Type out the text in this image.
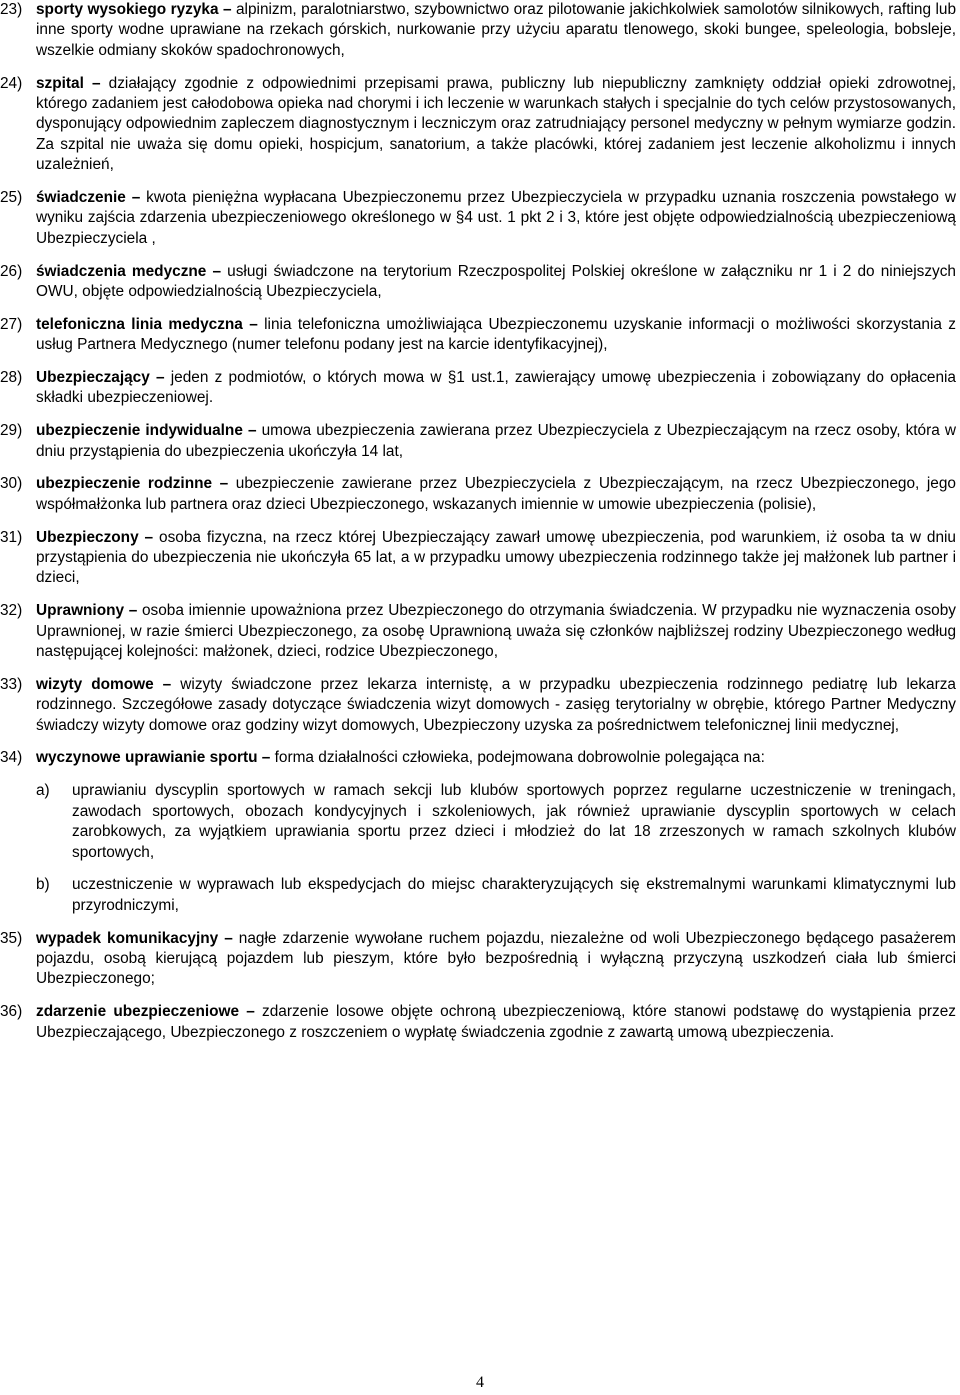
23) sporty wysokiego ryzyka – alpinizm, paralotniarstwo, szybownictwo oraz pilotowanie jakichkolwiek samolotów silnikowych, rafting lub inne sporty wodne uprawiane na rzekach górskich, nurkowanie przy użyciu aparatu tlenowego, skoki bungee, speleologia, bobsleje, wszelkie odmiany skoków spadochronowych,
24) szpital – działający zgodnie z odpowiednimi przepisami prawa, publiczny lub niepubliczny zamknięty oddział opieki zdrowotnej, którego zadaniem jest całodobowa opieka nad chorymi i ich leczenie w warunkach stałych i specjalnie do tych celów przystosowanych, dysponujący odpowiednim zapleczem diagnostycznym i leczniczym oraz zatrudniający personel medyczny w pełnym wymiarze godzin. Za szpital nie uważa się domu opieki, hospicjum, sanatorium, a także placówki, której zadaniem jest leczenie alkoholizmu i innych uzależnień,
25) świadczenie – kwota pieniężna wypłacana Ubezpieczonemu przez Ubezpieczyciela w przypadku uznania roszczenia powstałego w wyniku zajścia zdarzenia ubezpieczeniowego określonego w §4 ust. 1 pkt 2 i 3, które jest objęte odpowiedzialnością ubezpieczeniową Ubezpieczyciela ,
26) świadczenia medyczne – usługi świadczone na terytorium Rzeczpospolitej Polskiej określone w załączniku nr 1 i 2 do niniejszych OWU, objęte odpowiedzialnością Ubezpieczyciela,
27) telefoniczna linia medyczna – linia telefoniczna umożliwiająca Ubezpieczonemu uzyskanie informacji o możliwości skorzystania z usług Partnera Medycznego (numer telefonu podany jest na karcie identyfikacyjnej),
28) Ubezpieczający – jeden z podmiotów, o których mowa w §1 ust.1, zawierający umowę ubezpieczenia i zobowiązany do opłacenia składki ubezpieczeniowej.
29) ubezpieczenie indywidualne – umowa ubezpieczenia zawierana przez Ubezpieczyciela z Ubezpieczającym na rzecz osoby, która w dniu przystąpienia do ubezpieczenia ukończyła 14 lat,
30) ubezpieczenie rodzinne – ubezpieczenie zawierane przez Ubezpieczyciela z Ubezpieczającym, na rzecz Ubezpieczonego, jego współmałżonka lub partnera oraz dzieci Ubezpieczonego, wskazanych imiennie w umowie ubezpieczenia (polisie),
31) Ubezpieczony – osoba fizyczna, na rzecz której Ubezpieczający zawarł umowę ubezpieczenia, pod warunkiem, iż osoba ta w dniu przystąpienia do ubezpieczenia nie ukończyła 65 lat, a w przypadku umowy ubezpieczenia rodzinnego także jej małżonek lub partner i dzieci,
32) Uprawniony – osoba imiennie upoważniona przez Ubezpieczonego do otrzymania świadczenia. W przypadku nie wyznaczenia osoby Uprawnionej, w razie śmierci Ubezpieczonego, za osobę Uprawnioną uważa się członków najbliższej rodziny Ubezpieczonego według następującej kolejności: małżonek, dzieci, rodzice Ubezpieczonego,
33) wizyty domowe – wizyty świadczone przez lekarza internistę, a w przypadku ubezpieczenia rodzinnego pediatrę lub lekarza rodzinnego. Szczegółowe zasady dotyczące świadczenia wizyt domowych - zasięg terytorialny w obrębie, którego Partner Medyczny świadczy wizyty domowe oraz godziny wizyt domowych, Ubezpieczony uzyska za pośrednictwem telefonicznej linii medycznej,
34) wyczynowe uprawianie sportu – forma działalności człowieka, podejmowana dobrowolnie polegająca na:
a) uprawianiu dyscyplin sportowych w ramach sekcji lub klubów sportowych poprzez regularne uczestniczenie w treningach, zawodach sportowych, obozach kondycyjnych i szkoleniowych, jak również uprawianie dyscyplin sportowych w celach zarobkowych, za wyjątkiem uprawiania sportu przez dzieci i młodzież do lat 18 zrzeszonych w ramach szkolnych klubów sportowych,
b) uczestniczenie w wyprawach lub ekspedycjach do miejsc charakteryzujących się ekstremalnymi warunkami klimatycznymi lub przyrodniczymi,
35) wypadek komunikacyjny – nagłe zdarzenie wywołane ruchem pojazdu, niezależne od woli Ubezpieczonego będącego pasażerem pojazdu, osobą kierującą pojazdem lub pieszym, które było bezpośrednią i wyłączną przyczyną uszkodzeń ciała lub śmierci Ubezpieczonego;
36) zdarzenie ubezpieczeniowe – zdarzenie losowe objęte ochroną ubezpieczeniową, które stanowi podstawę do wystąpienia przez Ubezpieczającego, Ubezpieczonego z roszczeniem o wypłatę świadczenia zgodnie z zawartą umową ubezpieczenia.
4
